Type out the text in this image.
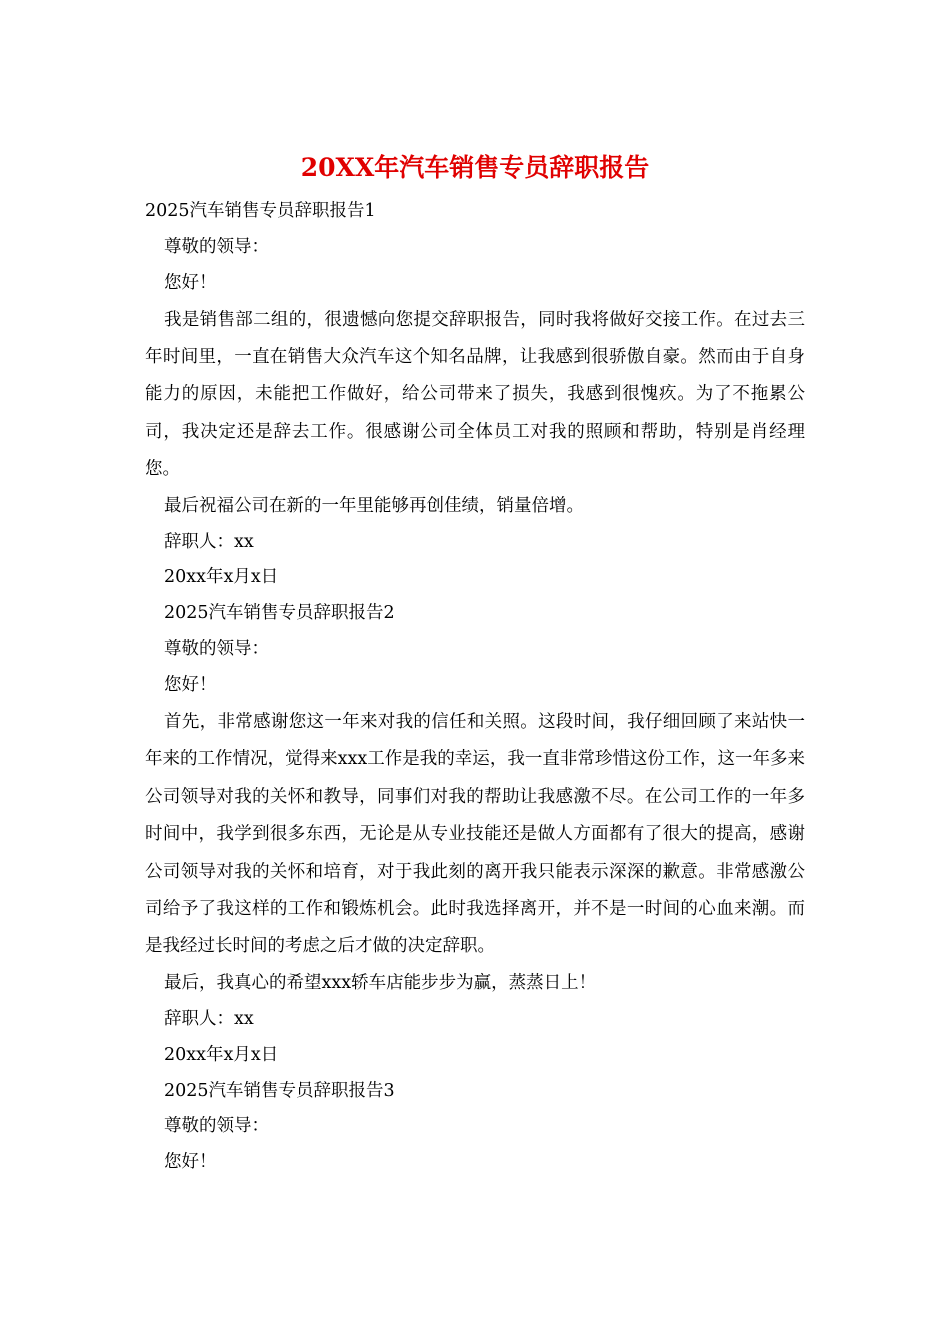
20XX年汽车销售专员辞职报告
2025汽车销售专员辞职报告1
尊敬的领导：
您好！
我是销售部二组的，很遗憾向您提交辞职报告，同时我将做好交接工作。在过去三年时间里，一直在销售大众汽车这个知名品牌，让我感到很骄傲自豪。然而由于自身能力的原因，未能把工作做好，给公司带来了损失，我感到很愧疚。为了不拖累公司，我决定还是辞去工作。很感谢公司全体员工对我的照顾和帮助，特别是肖经理您。
最后祝福公司在新的一年里能够再创佳绩，销量倍增。
辞职人：xx
20xx年x月x日
2025汽车销售专员辞职报告2
尊敬的领导：
您好！
首先，非常感谢您这一年来对我的信任和关照。这段时间，我仔细回顾了来站快一年来的工作情况，觉得来xxx工作是我的幸运，我一直非常珍惜这份工作，这一年多来公司领导对我的关怀和教导，同事们对我的帮助让我感激不尽。在公司工作的一年多时间中，我学到很多东西，无论是从专业技能还是做人方面都有了很大的提高，感谢公司领导对我的关怀和培育，对于我此刻的离开我只能表示深深的歉意。非常感激公司给予了我这样的工作和锻炼机会。此时我选择离开，并不是一时间的心血来潮。而是我经过长时间的考虑之后才做的决定辞职。
最后，我真心的希望xxx轿车店能步步为赢，蒸蒸日上！
辞职人：xx
20xx年x月x日
2025汽车销售专员辞职报告3
尊敬的领导：
您好！
